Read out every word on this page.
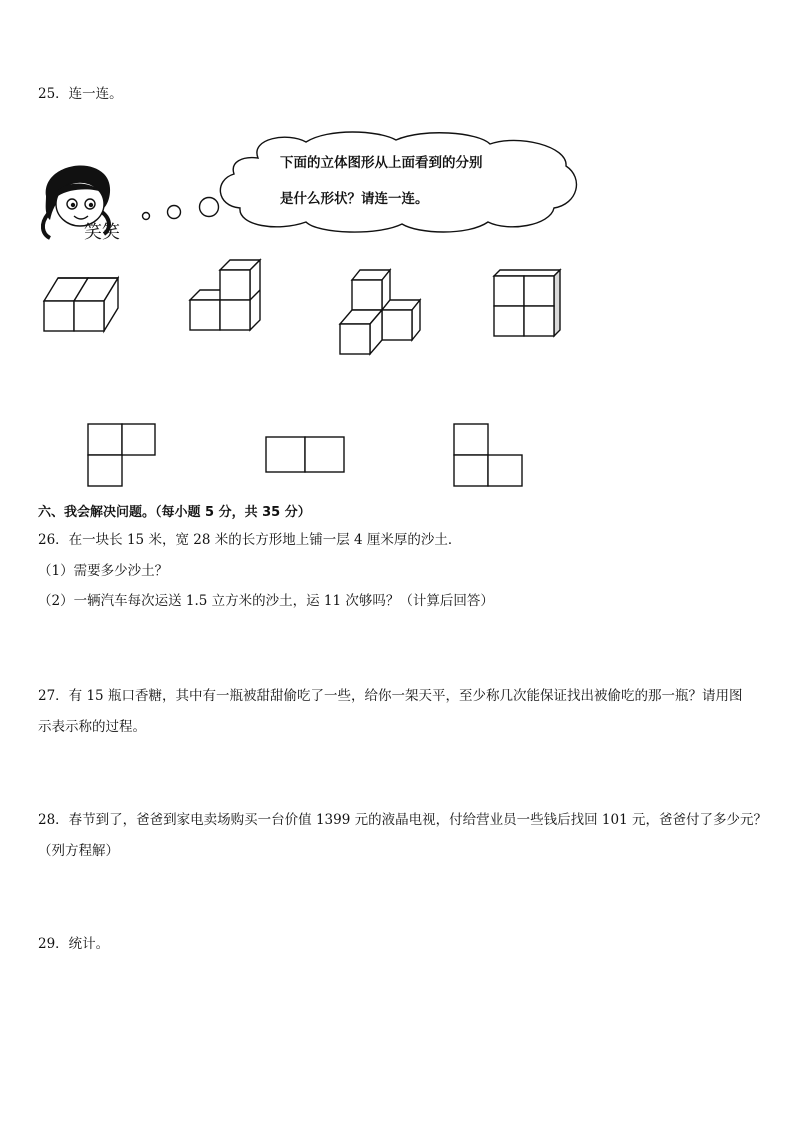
25．连一连。
笑笑
下面的立体图形从上面看到的分别
是什么形状？请连一连。
六、我会解决问题。（每小题 5 分，共 35 分）
26．在一块长 15 米，宽 28 米的长方形地上铺一层 4 厘米厚的沙土．
（1）需要多少沙土？
（2）一辆汽车每次运送 1.5 立方米的沙土，运 11 次够吗？（计算后回答）
27．有 15 瓶口香糖，其中有一瓶被甜甜偷吃了一些，给你一架天平，至少称几次能保证找出被偷吃的那一瓶？请用图
示表示称的过程。
28．春节到了，爸爸到家电卖场购买一台价值 1399 元的液晶电视，付给营业员一些钱后找回 101 元，爸爸付了多少元？
（列方程解）
29．统计。
